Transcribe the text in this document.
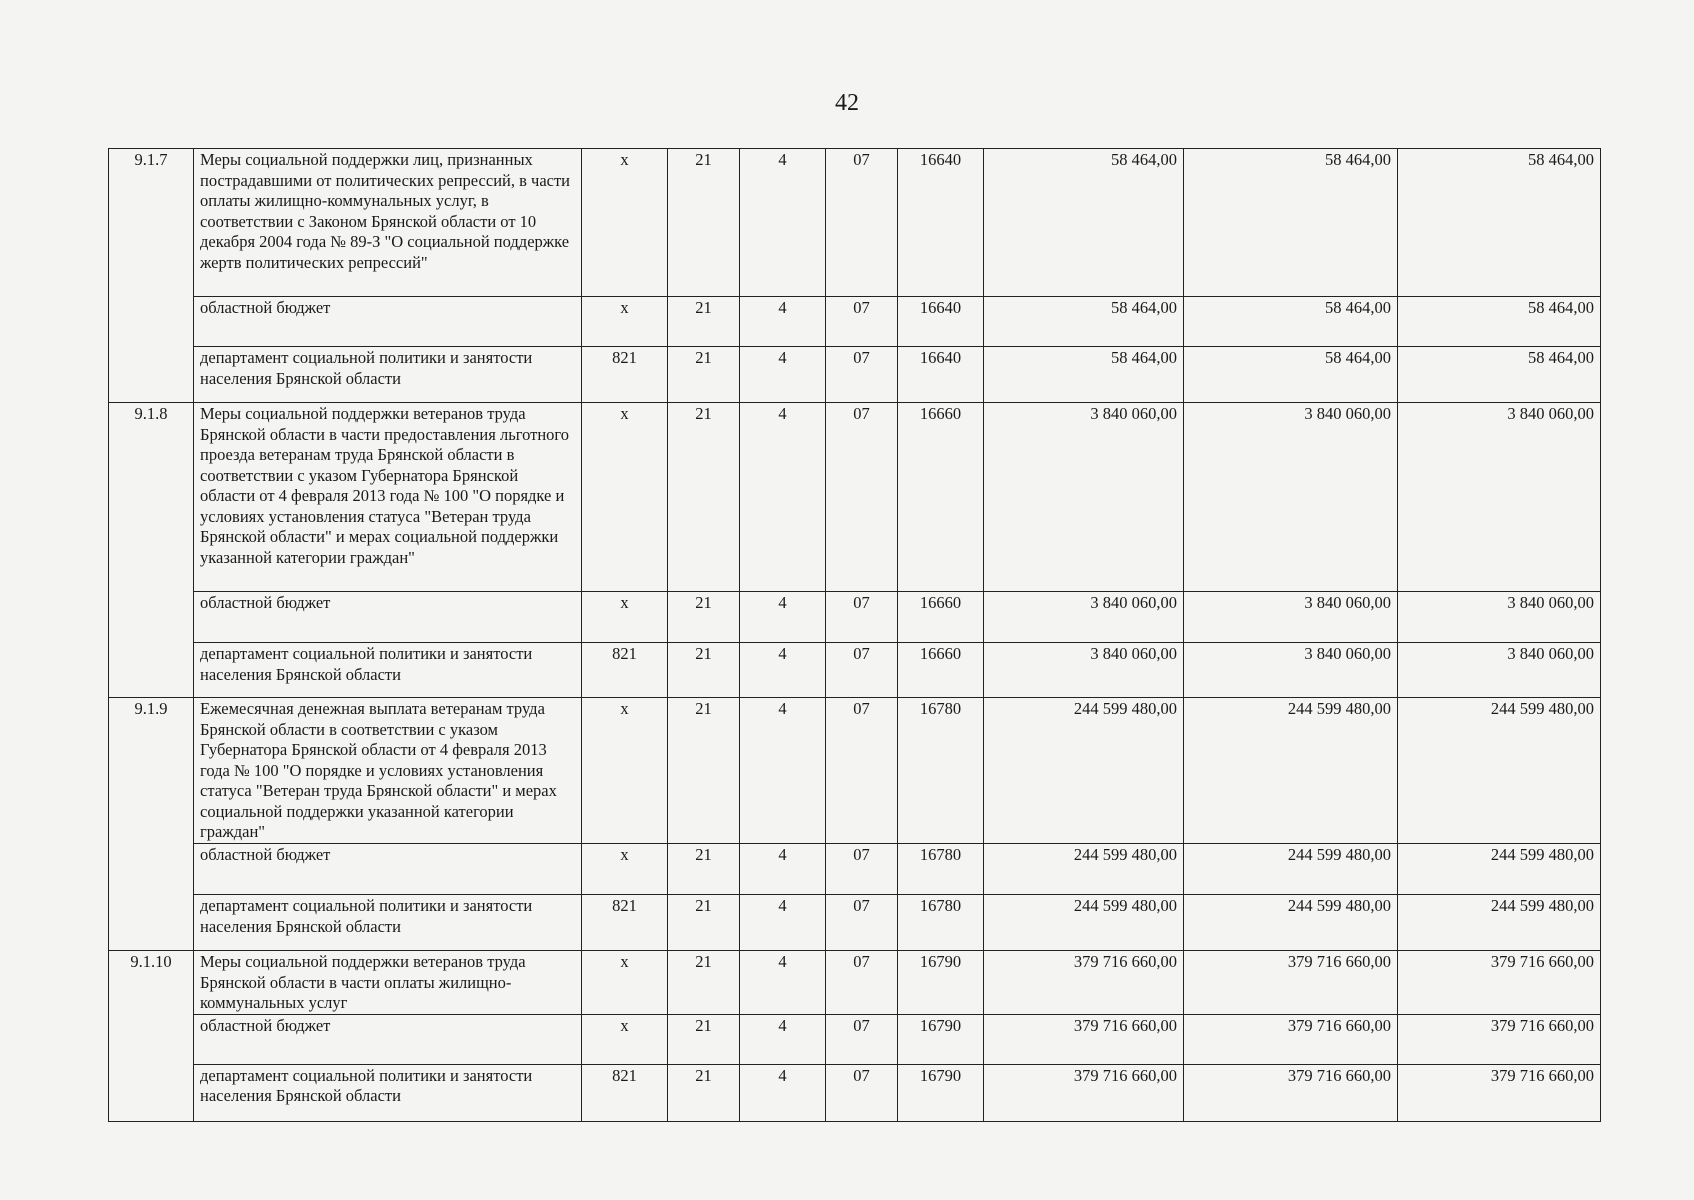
42
9.1.7	Меры социальной поддержки лиц, признанных пострадавшими от политических репрессий, в части оплаты жилищно-коммунальных услуг, в соответствии с Законом Брянской области от 10 декабря 2004 года № 89-З "О социальной поддержке жертв политических репрессий"	х	21	4	07	16640	58 464,00	58 464,00	58 464,00
	областной бюджет	х	21	4	07	16640	58 464,00	58 464,00	58 464,00
	департамент социальной политики и занятости населения Брянской области	821	21	4	07	16640	58 464,00	58 464,00	58 464,00
9.1.8	Меры социальной поддержки ветеранов труда Брянской области в части предоставления льготного проезда ветеранам труда Брянской области в соответствии с указом Губернатора Брянской области от 4 февраля 2013 года № 100 "О порядке и условиях установления статуса "Ветеран труда Брянской области" и мерах социальной поддержки указанной категории граждан"	х	21	4	07	16660	3 840 060,00	3 840 060,00	3 840 060,00
	областной бюджет	х	21	4	07	16660	3 840 060,00	3 840 060,00	3 840 060,00
	департамент социальной политики и занятости населения Брянской области	821	21	4	07	16660	3 840 060,00	3 840 060,00	3 840 060,00
9.1.9	Ежемесячная денежная выплата ветеранам труда Брянской области в соответствии с указом Губернатора Брянской области от 4 февраля 2013 года № 100 "О порядке и условиях установления статуса "Ветеран труда Брянской области" и мерах социальной поддержки указанной категории граждан"	х	21	4	07	16780	244 599 480,00	244 599 480,00	244 599 480,00
	областной бюджет	х	21	4	07	16780	244 599 480,00	244 599 480,00	244 599 480,00
	департамент социальной политики и занятости населения Брянской области	821	21	4	07	16780	244 599 480,00	244 599 480,00	244 599 480,00
9.1.10	Меры социальной поддержки ветеранов труда Брянской области в части оплаты жилищно-коммунальных услуг	х	21	4	07	16790	379 716 660,00	379 716 660,00	379 716 660,00
	областной бюджет	х	21	4	07	16790	379 716 660,00	379 716 660,00	379 716 660,00
	департамент социальной политики и занятости населения Брянской области	821	21	4	07	16790	379 716 660,00	379 716 660,00	379 716 660,00
